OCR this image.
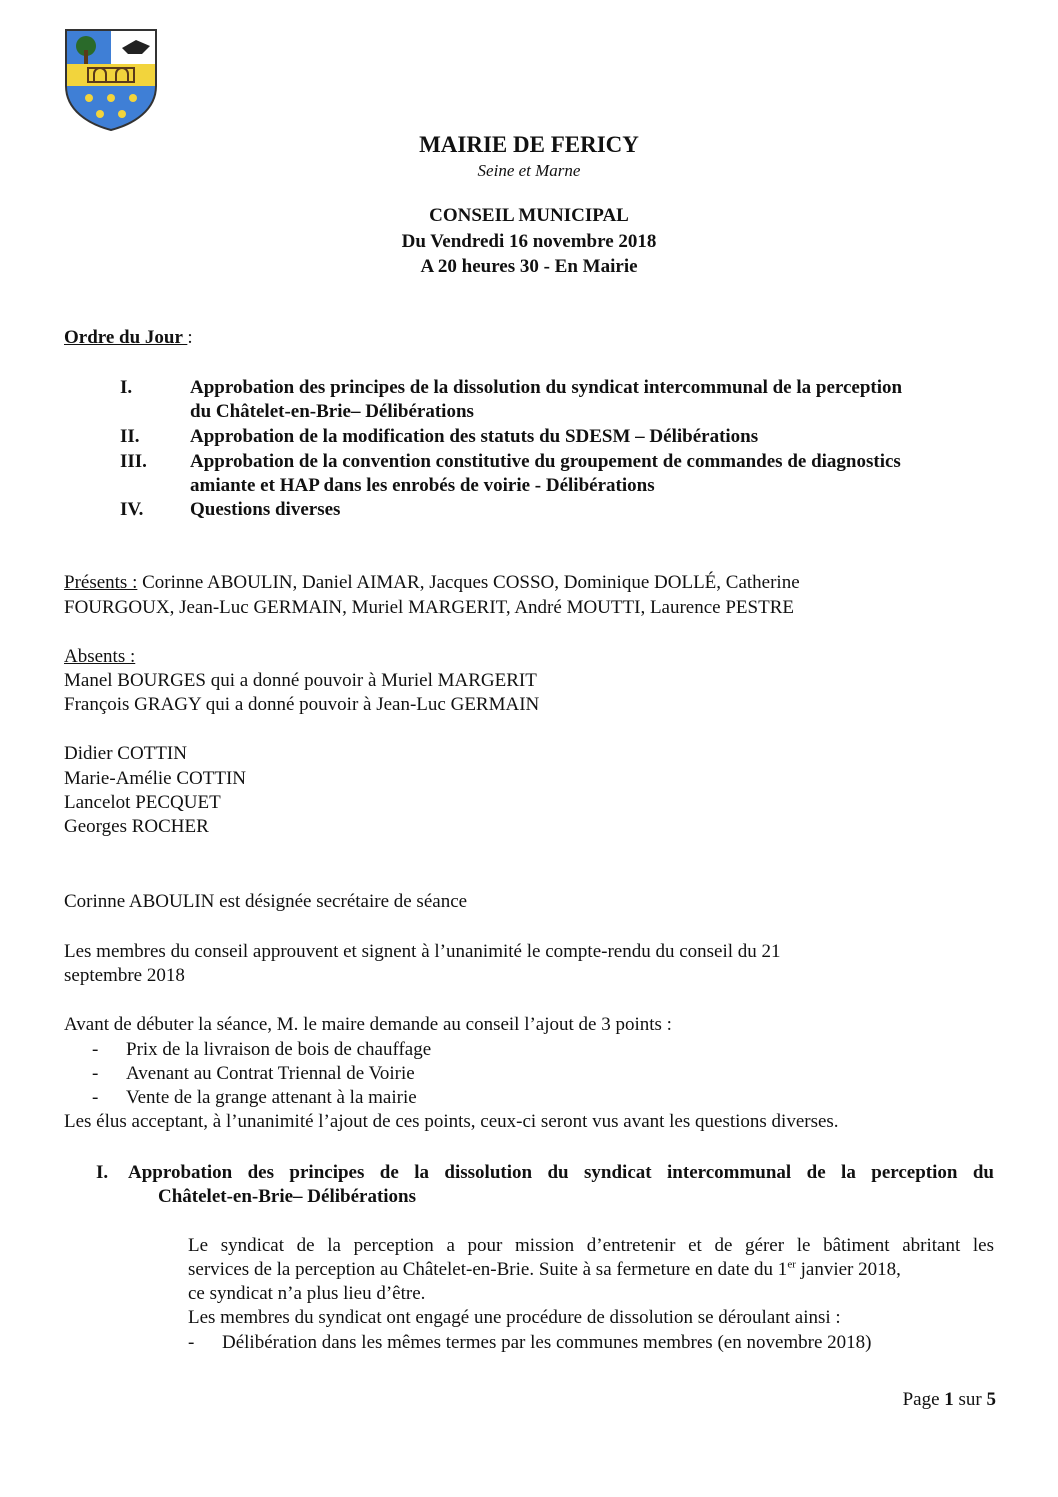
MAIRIE DE FERICY
Seine et Marne
CONSEIL MUNICIPAL
Du Vendredi 16 novembre 2018
A 20 heures 30 - En Mairie
Ordre du Jour :
I.	Approbation des principes de la dissolution du syndicat intercommunal de la perception
du Châtelet-en-Brie– Délibérations
II.	Approbation de la modification des statuts du SDESM – Délibérations
III. Approbation de la convention constitutive du groupement de commandes de diagnostics
amiante et HAP dans les enrobés de voirie - Délibérations
IV. Questions diverses
Présents : Corinne ABOULIN, Daniel AIMAR, Jacques COSSO, Dominique DOLLÉ, Catherine
FOURGOUX, Jean-Luc GERMAIN, Muriel MARGERIT, André MOUTTI, Laurence PESTRE
Absents :
Manel BOURGES qui a donné pouvoir à Muriel MARGERIT
François GRAGY qui a donné pouvoir à Jean-Luc GERMAIN
Didier COTTIN
Marie-Amélie COTTIN
Lancelot PECQUET
Georges ROCHER
Corinne ABOULIN est désignée secrétaire de séance
Les membres du conseil approuvent et signent à l’unanimité le compte-rendu du conseil du 21
septembre 2018
Avant de débuter la séance, M. le maire demande au conseil l’ajout de 3 points :
- Prix de la livraison de bois de chauffage
- Avenant au Contrat Triennal de Voirie
- Vente de la grange attenant à la mairie
Les élus acceptant, à l’unanimité l’ajout de ces points, ceux-ci seront vus avant les questions diverses.
I. Approbation des principes de la dissolution du syndicat intercommunal de la perception du
Châtelet-en-Brie– Délibérations
Le syndicat de la perception a pour mission d’entretenir et de gérer le bâtiment abritant les
services de la perception au Châtelet-en-Brie. Suite à sa fermeture en date du 1er janvier 2018,
ce syndicat n’a plus lieu d’être.
Les membres du syndicat ont engagé une procédure de dissolution se déroulant ainsi :
- Délibération dans les mêmes termes par les communes membres (en novembre 2018)
Page 1 sur 5
